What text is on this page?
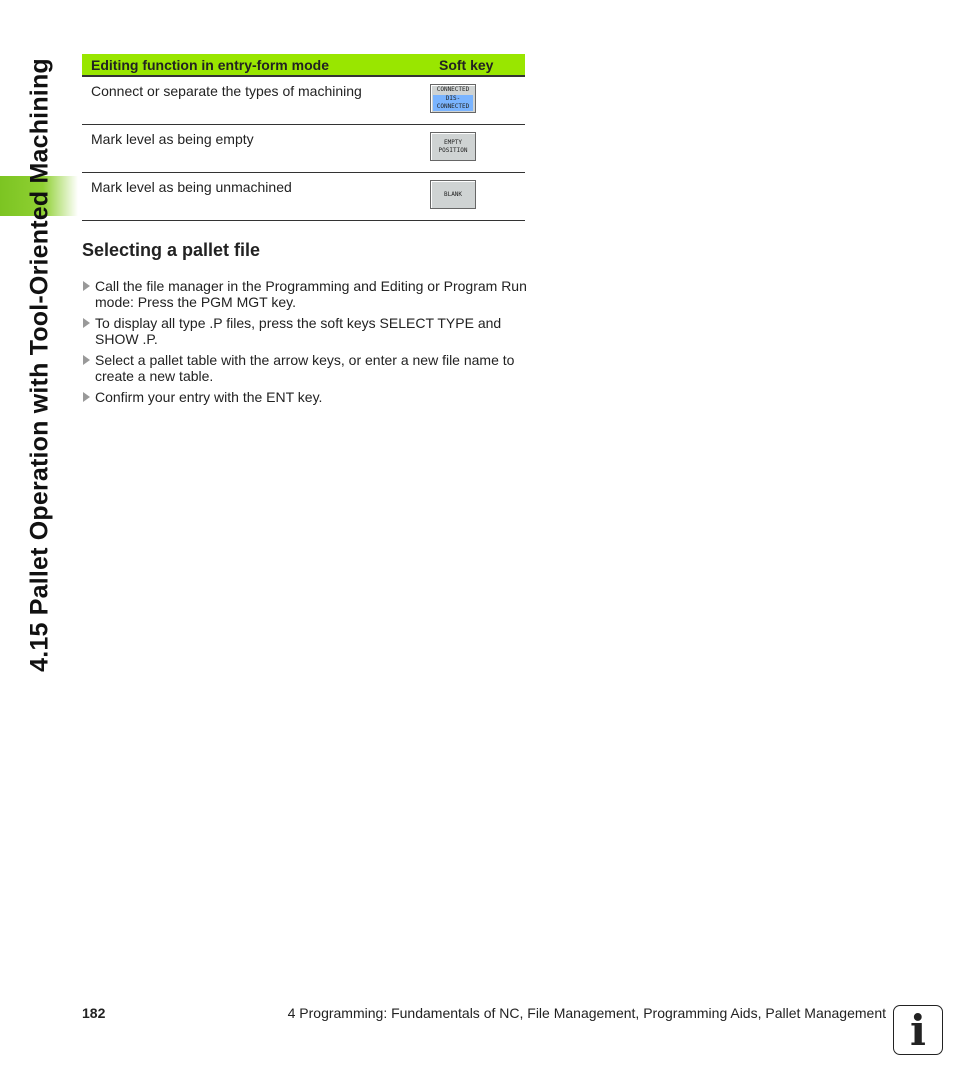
4.15 Pallet Operation with Tool-Oriented Machining	Editing function in entry-form mode	Soft key
Connect or separate the types of machining	CONNECTED
DIS-
CONNECTED

Mark level as being empty	EMPTY
POSITION

Mark level as being unmachined	BLANK
Selecting a pallet file
Call the file manager in the Programming and Editing or Program Run mode: Press the PGM MGT key.
To display all type .P files, press the soft keys SELECT TYPE and SHOW .P.
Select a pallet table with the arrow keys, or enter a new file name to create a new table.
Confirm your entry with the ENT key.
182	4 Programming: Fundamentals of NC, File Management, Programming Aids, Pallet Management i
